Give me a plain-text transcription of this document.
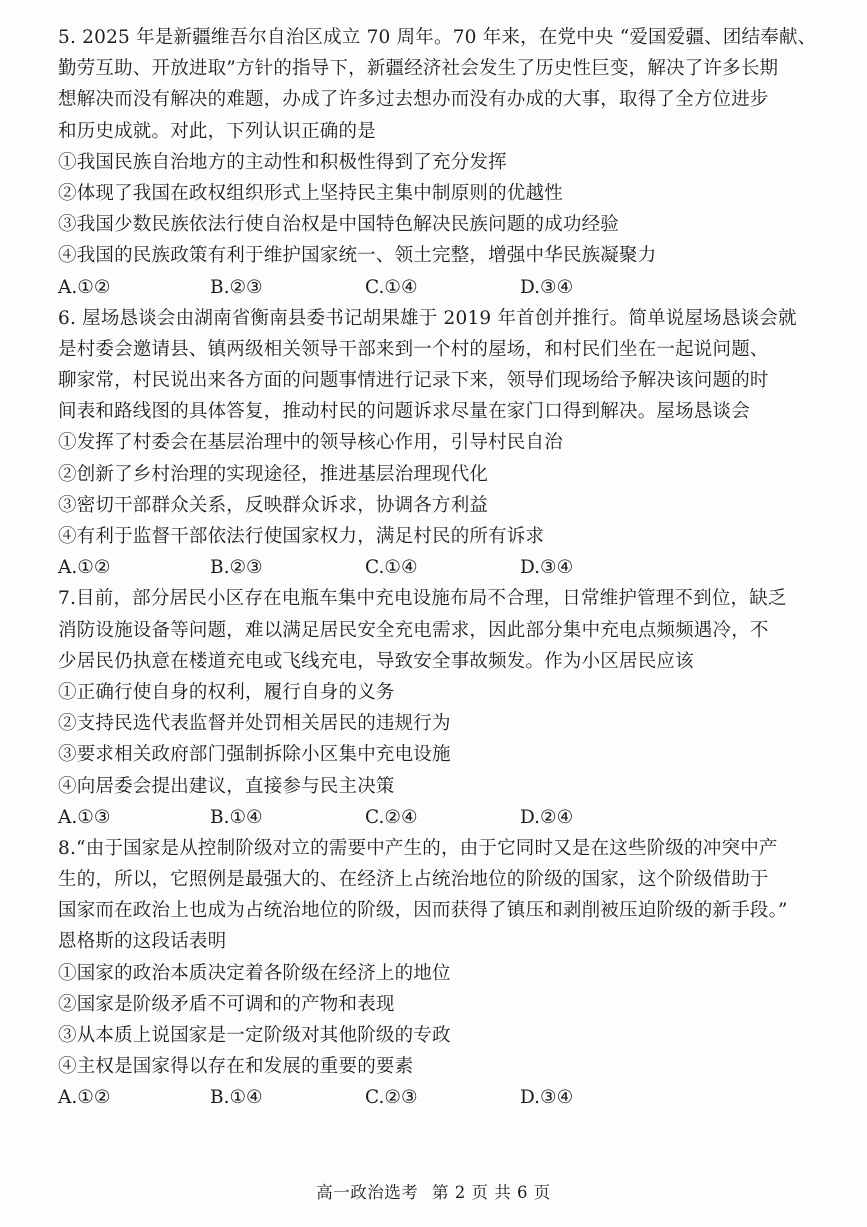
5. 2025 年是新疆维吾尔自治区成立 70 周年。70 年来，在党中央 “爱国爱疆、团结奉献、
勤劳互助、开放进取”方针的指导下，新疆经济社会发生了历史性巨变，解决了许多长期
想解决而没有解决的难题，办成了许多过去想办而没有办成的大事，取得了全方位进步
和历史成就。对此，下列认识正确的是
①我国民族自治地方的主动性和积极性得到了充分发挥
②体现了我国在政权组织形式上坚持民主集中制原则的优越性
③我国少数民族依法行使自治权是中国特色解决民族问题的成功经验
④我国的民族政策有利于维护国家统一、领土完整，增强中华民族凝聚力
A.①②	B.②③	C.①④	D.③④
6. 屋场恳谈会由湖南省衡南县委书记胡果雄于 2019 年首创并推行。简单说屋场恳谈会就
是村委会邀请县、镇两级相关领导干部来到一个村的屋场，和村民们坐在一起说问题、
聊家常，村民说出来各方面的问题事情进行记录下来，领导们现场给予解决该问题的时
间表和路线图的具体答复，推动村民的问题诉求尽量在家门口得到解决。屋场恳谈会
①发挥了村委会在基层治理中的领导核心作用，引导村民自治
②创新了乡村治理的实现途径，推进基层治理现代化
③密切干部群众关系，反映群众诉求，协调各方利益
④有利于监督干部依法行使国家权力，满足村民的所有诉求
A.①②	B.②③	C.①④	D.③④
7.目前，部分居民小区存在电瓶车集中充电设施布局不合理，日常维护管理不到位，缺乏
消防设施设备等问题，难以满足居民安全充电需求，因此部分集中充电点频频遇冷，不
少居民仍执意在楼道充电或飞线充电，导致安全事故频发。作为小区居民应该
①正确行使自身的权利，履行自身的义务
②支持民选代表监督并处罚相关居民的违规行为
③要求相关政府部门强制拆除小区集中充电设施
④向居委会提出建议，直接参与民主决策
A.①③	B.①④	C.②④	D.②④
8.“由于国家是从控制阶级对立的需要中产生的，由于它同时又是在这些阶级的冲突中产
生的，所以，它照例是最强大的、在经济上占统治地位的阶级的国家，这个阶级借助于
国家而在政治上也成为占统治地位的阶级，因而获得了镇压和剥削被压迫阶级的新手段。”
恩格斯的这段话表明
①国家的政治本质决定着各阶级在经济上的地位
②国家是阶级矛盾不可调和的产物和表现
③从本质上说国家是一定阶级对其他阶级的专政
④主权是国家得以存在和发展的重要的要素
A.①②	B.①④	C.②③	D.③④
高一政治选考 第 2 页 共 6 页
